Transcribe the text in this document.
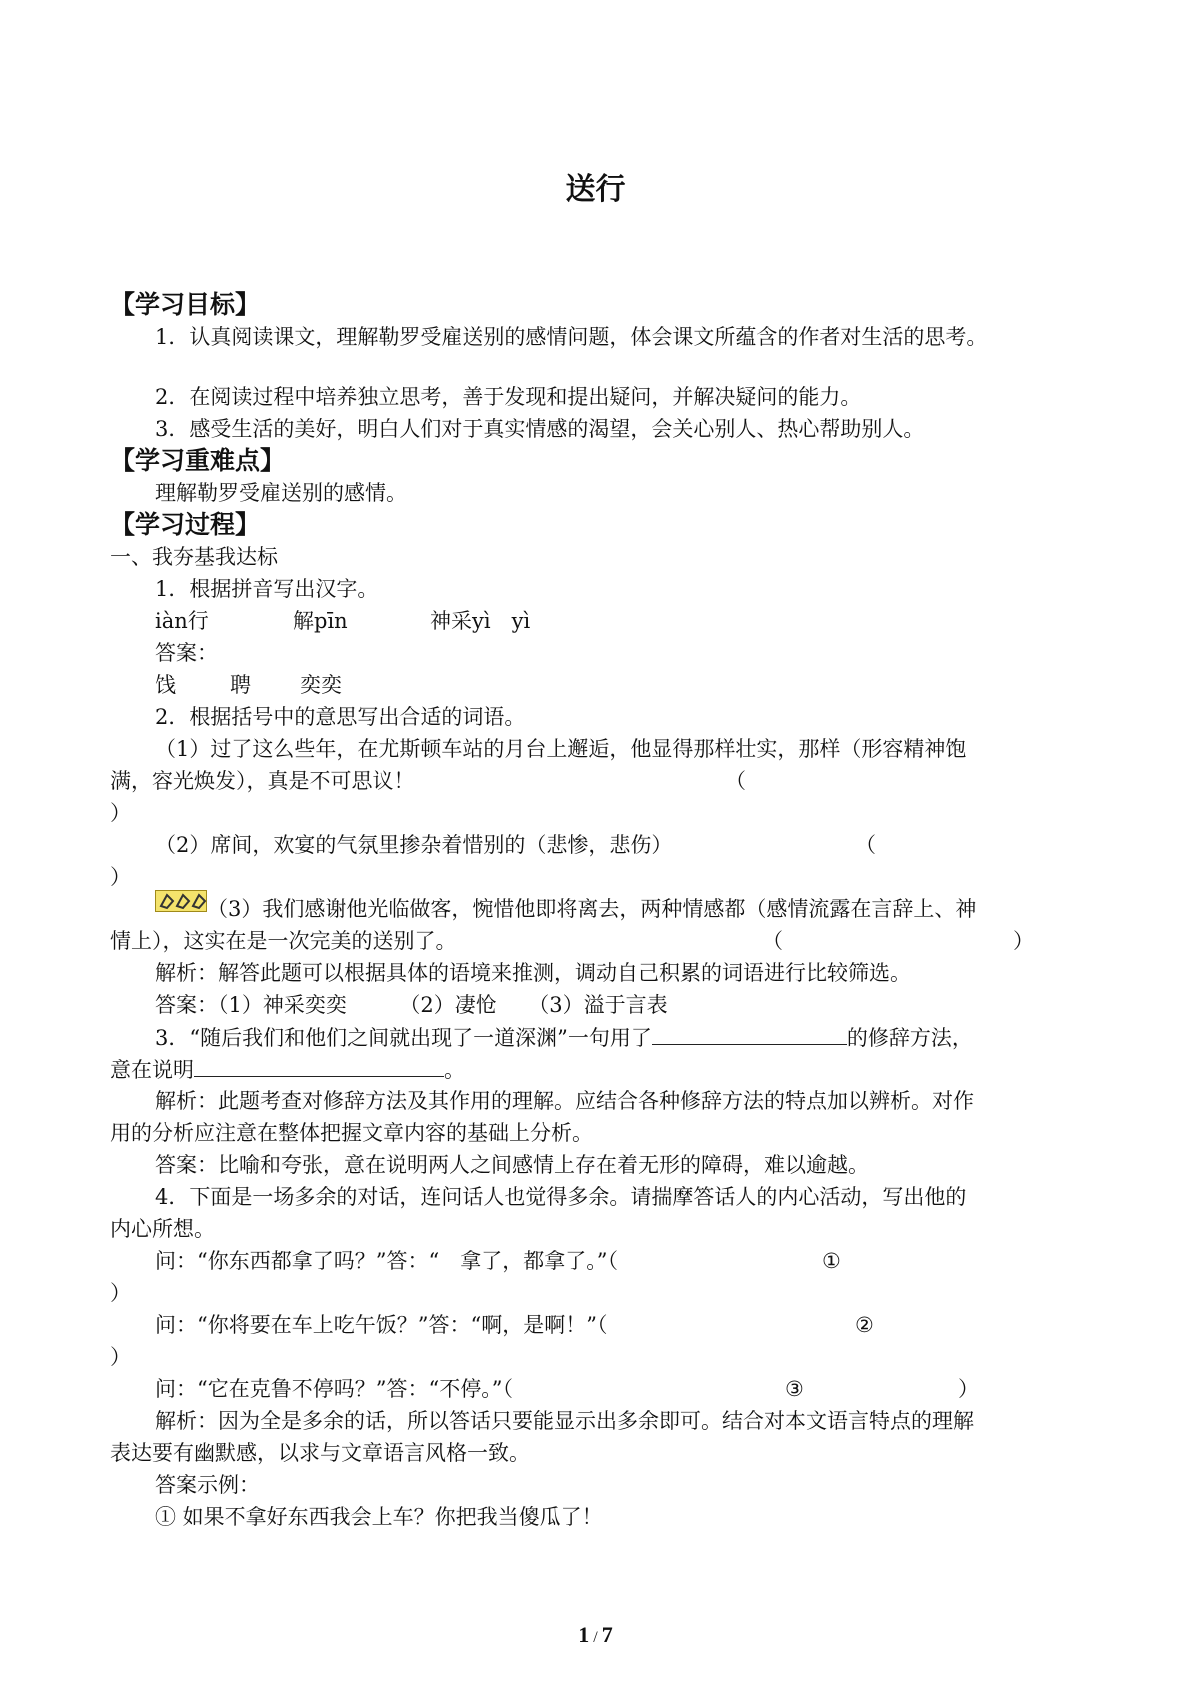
送行
【学习目标】
1．认真阅读课文，理解勒罗受雇送别的感情问题，体会课文所蕴含的作者对生活的思考。
2．在阅读过程中培养独立思考，善于发现和提出疑问，并解决疑问的能力。
3．感受生活的美好，明白人们对于真实情感的渴望，会关心别人、热心帮助别人。
【学习重难点】
理解勒罗受雇送别的感情。
【学习过程】
一、我夯基我达标
1．根据拼音写出汉字。
iàn行	解pīn	神采yì　yì
答案：
饯	聘 奕奕
2．根据括号中的意思写出合适的词语。
（1）过了这么些年，在尤斯顿车站的月台上邂逅，他显得那样壮实，那样（形容精神饱
满，容光焕发），真是不可思议！	（
）
（2）席间，欢宴的气氛里掺杂着惜别的（悲惨，悲伤）	（
）
（3）我们感谢他光临做客，惋惜他即将离去，两种情感都（感情流露在言辞上、神
情上），这实在是一次完美的送别了。	（	）
解析：解答此题可以根据具体的语境来推测，调动自己积累的词语进行比较筛选。
答案：（1）神采奕奕　　　（2）凄怆　　（3）溢于言表
3．“随后我们和他们之间就出现了一道深渊”一句用了	的修辞方法，
意在说明	。
解析：此题考查对修辞方法及其作用的理解。应结合各种修辞方法的特点加以辨析。对作
用的分析应注意在整体把握文章内容的基础上分析。
答案：比喻和夸张，意在说明两人之间感情上存在着无形的障碍，难以逾越。
4．下面是一场多余的对话，连问话人也觉得多余。请揣摩答话人的内心活动，写出他的
内心所想。
问：“你东西都拿了吗？”答：“　拿了，都拿了。”（	①
）
问：“你将要在车上吃午饭？”答：“啊，是啊！”（	②
）
问：“它在克鲁不停吗？”答：“不停。”（	③	）
解析：因为全是多余的话，所以答话只要能显示出多余即可。结合对本文语言特点的理解
表达要有幽默感，以求与文章语言风格一致。
答案示例：
① 如果不拿好东西我会上车？你把我当傻瓜了！
1 / 7
